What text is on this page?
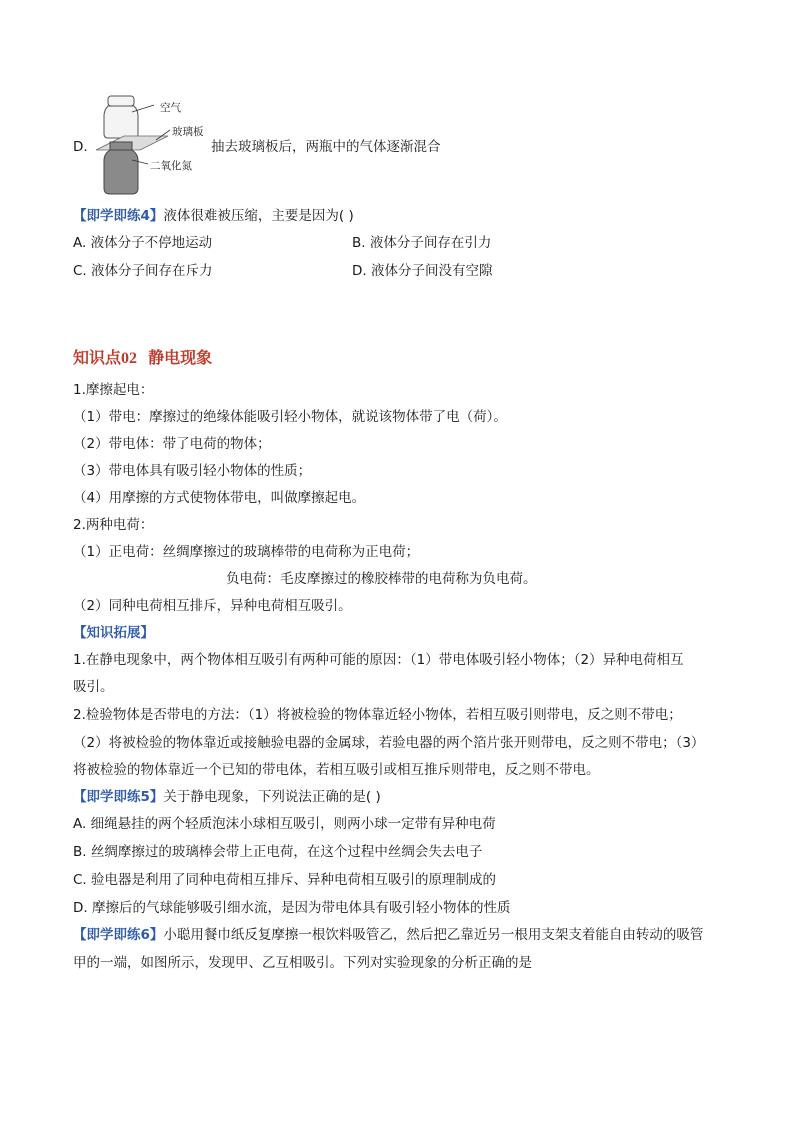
D.
空气
玻璃板
二氧化氮
抽去玻璃板后，两瓶中的气体逐渐混合
【即学即练4】液体很难被压缩，主要是因为( )
A. 液体分子不停地运动	B. 液体分子间存在引力
C. 液体分子间存在斥力	D. 液体分子间没有空隙
知识点02 静电现象
1.摩擦起电：
（1）带电：摩擦过的绝缘体能吸引轻小物体，就说该物体带了电（荷）。
（2）带电体：带了电荷的物体；
（3）带电体具有吸引轻小物体的性质；
（4）用摩擦的方式使物体带电，叫做摩擦起电。
2.两种电荷：
（1）正电荷：丝绸摩擦过的玻璃棒带的电荷称为正电荷；
负电荷：毛皮摩擦过的橡胶棒带的电荷称为负电荷。
（2）同种电荷相互排斥，异种电荷相互吸引。
【知识拓展】
1.在静电现象中，两个物体相互吸引有两种可能的原因：（1）带电体吸引轻小物体；（2）异种电荷相互
吸引。
2.检验物体是否带电的方法：（1）将被检验的物体靠近轻小物体，若相互吸引则带电，反之则不带电；
（2）将被检验的物体靠近或接触验电器的金属球，若验电器的两个箔片张开则带电，反之则不带电；（3）
将被检验的物体靠近一个已知的带电体，若相互吸引或相互推斥则带电，反之则不带电。
【即学即练5】关于静电现象，下列说法正确的是( )
A. 细绳悬挂的两个轻质泡沫小球相互吸引，则两小球一定带有异种电荷
B. 丝绸摩擦过的玻璃棒会带上正电荷，在这个过程中丝绸会失去电子
C. 验电器是利用了同种电荷相互排斥、异种电荷相互吸引的原理制成的
D. 摩擦后的气球能够吸引细水流，是因为带电体具有吸引轻小物体的性质
【即学即练6】小聪用餐巾纸反复摩擦一根饮料吸管乙，然后把乙靠近另一根用支架支着能自由转动的吸管
甲的一端，如图所示，发现甲、乙互相吸引。下列对实验现象的分析正确的是
